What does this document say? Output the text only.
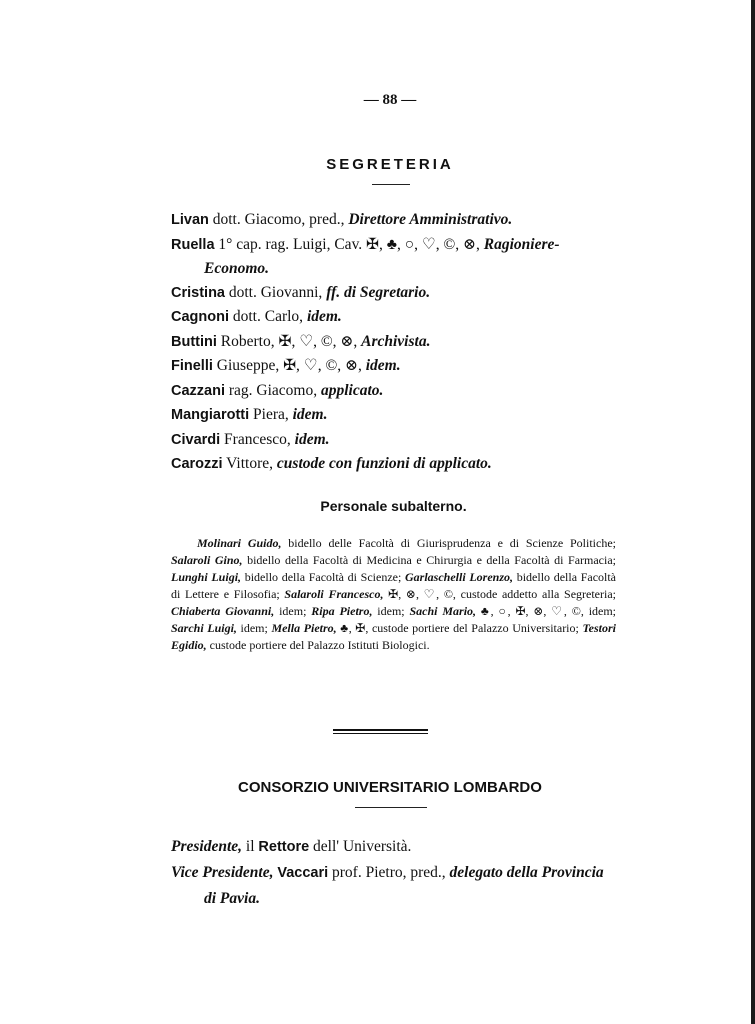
— 88 —
SEGRETERIA
Livan dott. Giacomo, pred., Direttore Amministrativo.
Ruella 1° cap. rag. Luigi, Cav. ✠, ♣, ○, ♡, ©, ⊗, Ragioniere-Economo.
Cristina dott. Giovanni, ff. di Segretario.
Cagnoni dott. Carlo, idem.
Buttini Roberto, ✠, ♡, ©, ⊗, Archivista.
Finelli Giuseppe, ✠, ♡, ©, ⊗, idem.
Cazzani rag. Giacomo, applicato.
Mangiarotti Piera, idem.
Civardi Francesco, idem.
Carozzi Vittore, custode con funzioni di applicato.
Personale subalterno.
Molinari Guido, bidello delle Facoltà di Giurisprudenza e di Scienze Politiche; Salaroli Gino, bidello della Facoltà di Medicina e Chirurgia e della Facoltà di Farmacia; Lunghi Luigi, bidello della Facoltà di Scienze; Garlaschelli Lorenzo, bidello della Facoltà di Lettere e Filosofia; Salaroli Francesco, ✠, ⊗, ♡, ©, custode addetto alla Segreteria; Chiaberta Giovanni, idem; Ripa Pietro, idem; Sachi Mario, ♣, ○, ✠, ⊗, ♡, ©, idem; Sarchi Luigi, idem; Mella Pietro, ♣, ✠, custode portiere del Palazzo Universitario; Testori Egidio, custode portiere del Palazzo Istituti Biologici.
CONSORZIO UNIVERSITARIO LOMBARDO
Presidente, il Rettore dell' Università.
Vice Presidente, Vaccari prof. Pietro, pred., delegato della Provincia di Pavia.
